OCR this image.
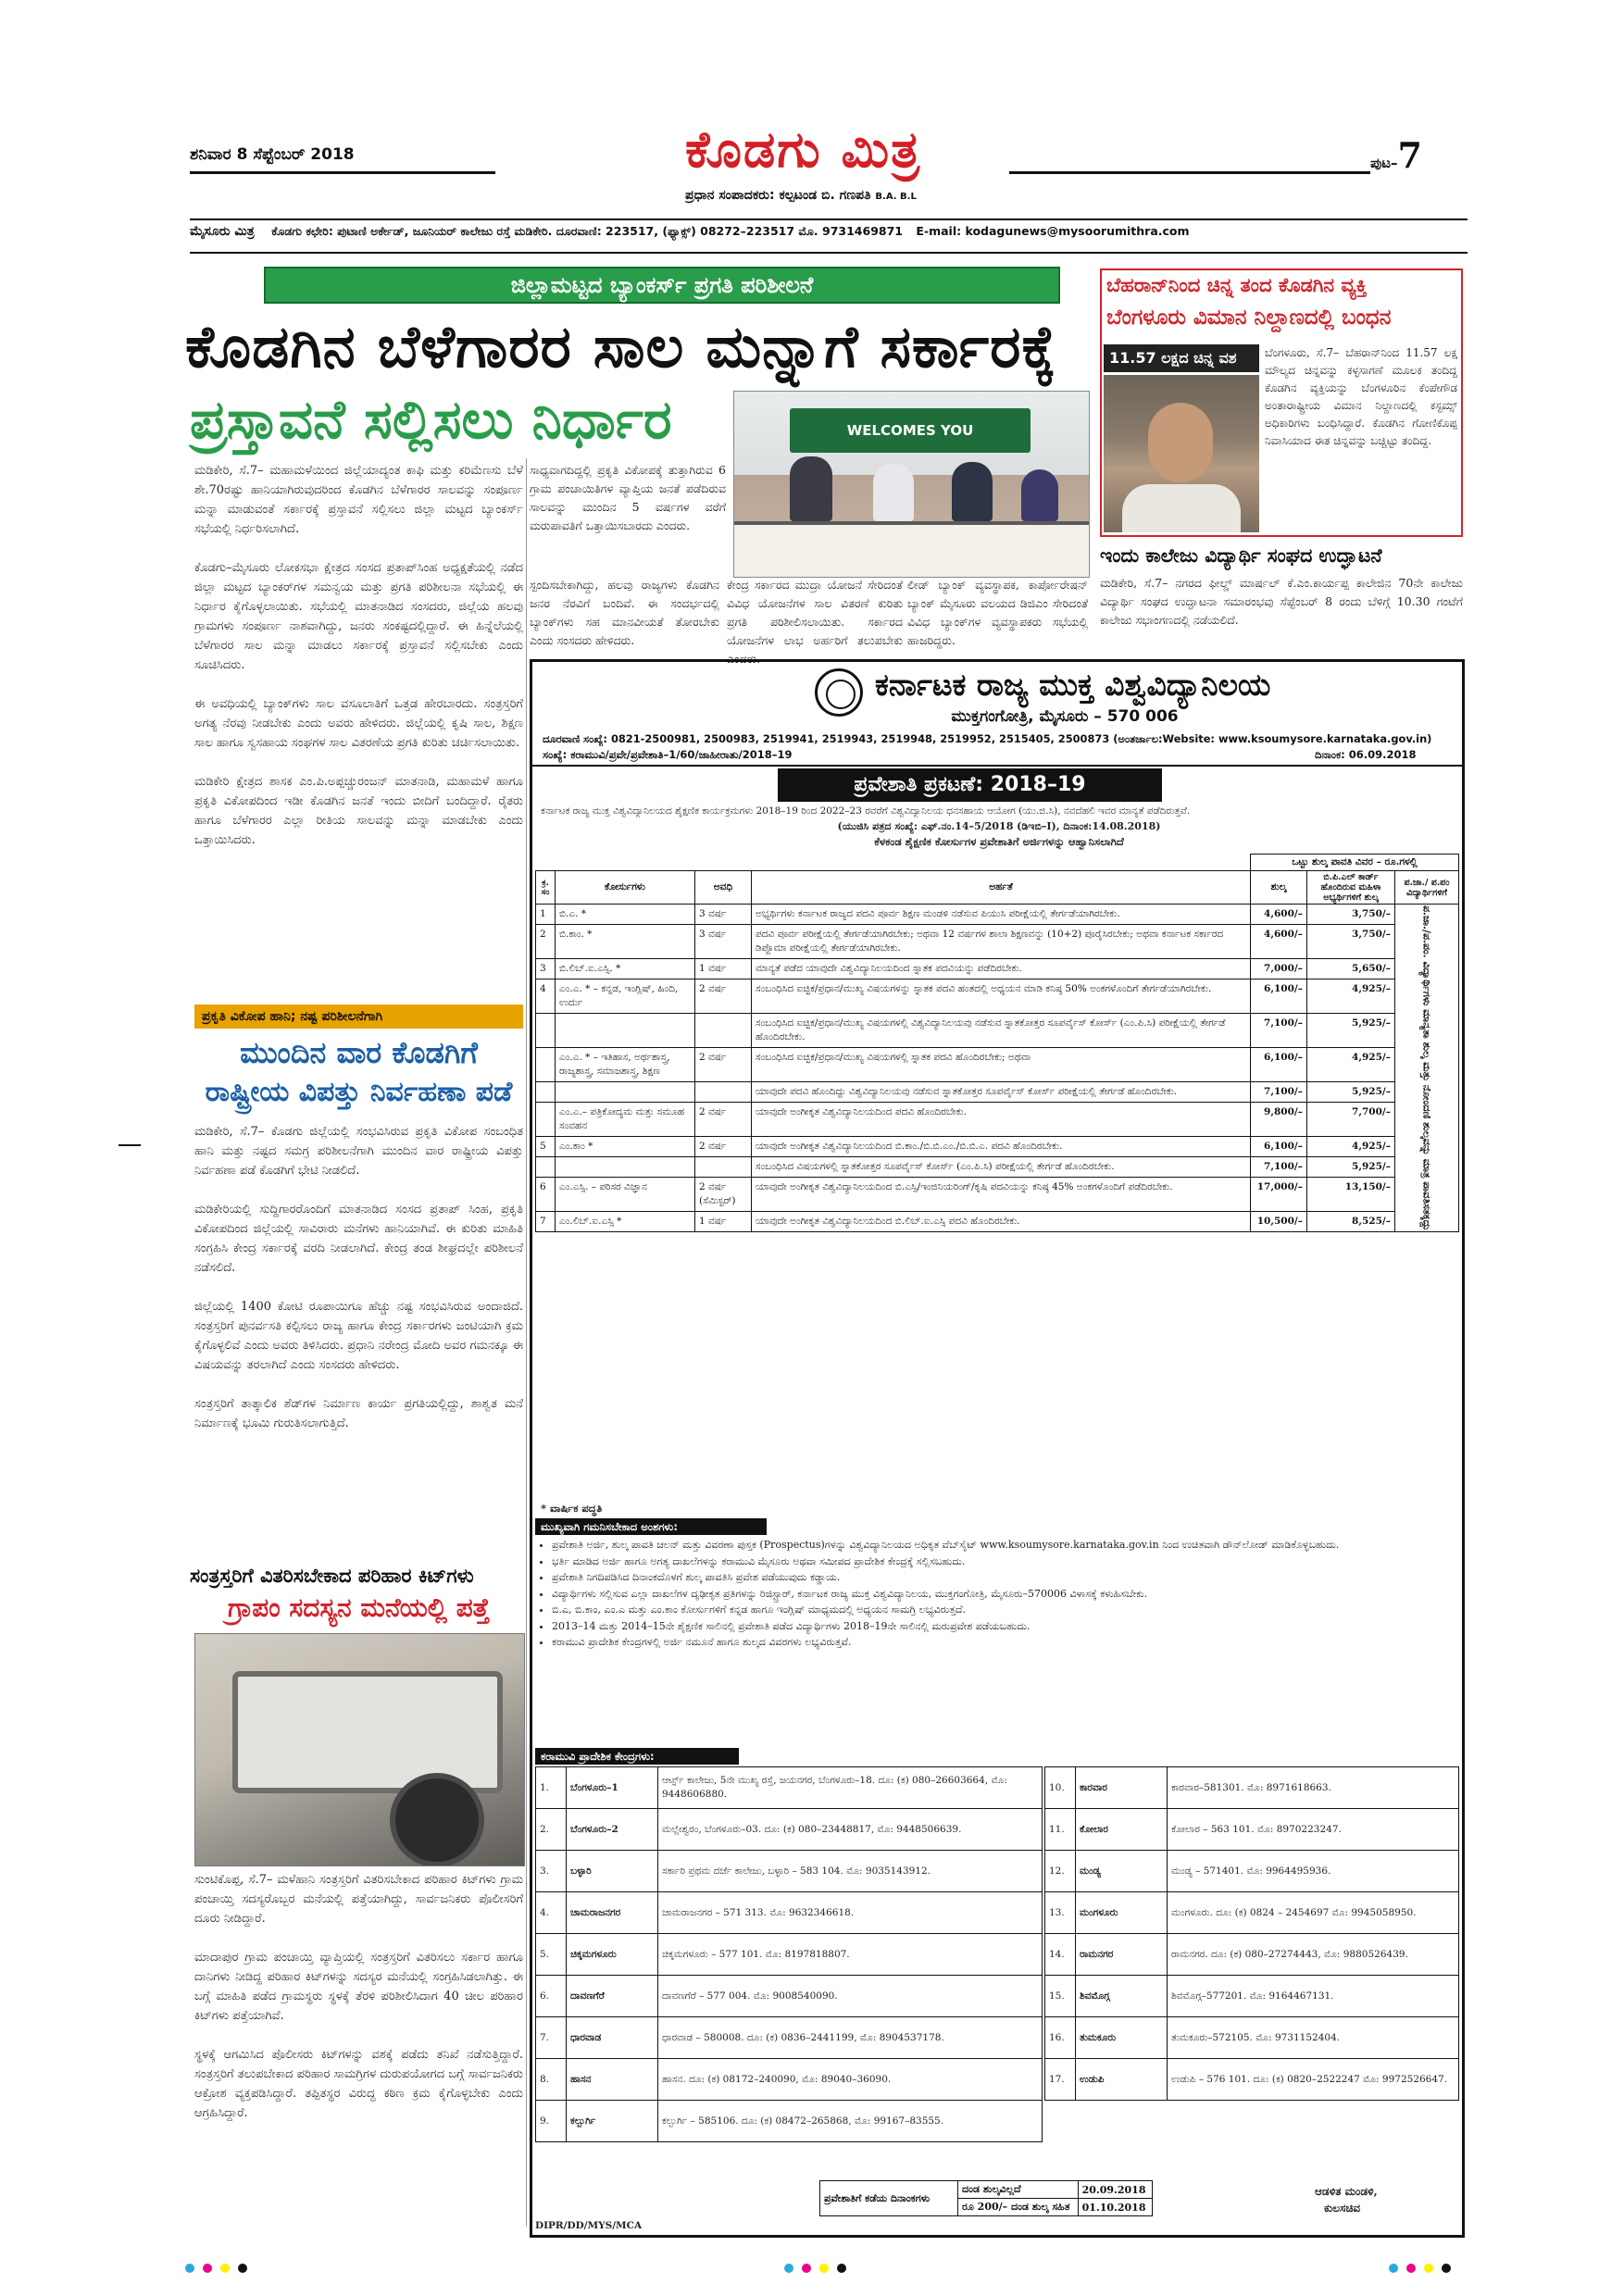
ಶನಿವಾರ 8 ಸೆಪ್ಟೆಂಬರ್ 2018	ಕೊಡಗು ಮಿತ್ರ
ಪ್ರಧಾನ ಸಂಪಾದಕರು: ಕಲ್ಪಟಂಡ ಬಿ. ಗಣಪತಿ B.A. B.L
ಪುಟ–7
ಮೈಸೂರು ಮಿತ್ರ ಕೊಡಗು ಕಛೇರಿ: ಪುಟಾಣಿ ಅರ್ಕೇಡ್, ಜೂನಿಯರ್ ಕಾಲೇಜು ರಸ್ತೆ ಮಡಿಕೇರಿ. ದೂರವಾಣಿ: 223517, (ಫ್ಯಾಕ್ಸ್) 08272–223517 ಮೊ. 9731469871 E-mail: kodagunews@mysoorumithra.com
ಜಿಲ್ಲಾಮಟ್ಟದ ಬ್ಯಾಂಕರ್ಸ್ ಪ್ರಗತಿ ಪರಿಶೀಲನೆ
ಕೊಡಗಿನ ಬೆಳೆಗಾರರ ಸಾಲ ಮನ್ನಾಗೆ ಸರ್ಕಾರಕ್ಕೆ
ಪ್ರಸ್ತಾವನೆ ಸಲ್ಲಿಸಲು ನಿರ್ಧಾರ	WELCOMES YOU
ಮಡಿಕೇರಿ, ಸೆ.7– ಮಹಾಮಳೆಯಿಂದ ಜಿಲ್ಲೆಯಾದ್ಯಂತ ಕಾಫಿ ಮತ್ತು ಕರಿಮೆಣಸು ಬೆಳೆ ಶೇ.70ರಷ್ಟು ಹಾನಿಯಾಗಿರುವುದರಿಂದ ಕೊಡಗಿನ ಬೆಳೆಗಾರರ ಸಾಲವನ್ನು ಸಂಪೂರ್ಣ ಮನ್ನಾ ಮಾಡುವಂತೆ ಸರ್ಕಾರಕ್ಕೆ ಪ್ರಸ್ತಾವನೆ ಸಲ್ಲಿಸಲು ಜಿಲ್ಲಾ ಮಟ್ಟದ ಬ್ಯಾಂಕರ್ಸ್ ಸಭೆಯಲ್ಲಿ ನಿರ್ಧರಿಸಲಾಗಿದೆ.

ಕೊಡಗು–ಮೈಸೂರು ಲೋಕಸಭಾ ಕ್ಷೇತ್ರದ ಸಂಸದ ಪ್ರತಾಪ್‌ಸಿಂಹ ಅಧ್ಯಕ್ಷತೆಯಲ್ಲಿ ನಡೆದ ಜಿಲ್ಲಾ ಮಟ್ಟದ ಬ್ಯಾಂಕರ್‌ಗಳ ಸಮನ್ವಯ ಮತ್ತು ಪ್ರಗತಿ ಪರಿಶೀಲನಾ ಸಭೆಯಲ್ಲಿ ಈ ನಿರ್ಧಾರ ಕೈಗೊಳ್ಳಲಾಯಿತು. ಸಭೆಯಲ್ಲಿ ಮಾತನಾಡಿದ ಸಂಸದರು, ಜಿಲ್ಲೆಯ ಹಲವು ಗ್ರಾಮಗಳು ಸಂಪೂರ್ಣ ನಾಶವಾಗಿದ್ದು, ಜನರು ಸಂಕಷ್ಟದಲ್ಲಿದ್ದಾರೆ. ಈ ಹಿನ್ನೆಲೆಯಲ್ಲಿ ಬೆಳೆಗಾರರ ಸಾಲ ಮನ್ನಾ ಮಾಡಲು ಸರ್ಕಾರಕ್ಕೆ ಪ್ರಸ್ತಾವನೆ ಸಲ್ಲಿಸಬೇಕು ಎಂದು ಸೂಚಿಸಿದರು.

ಈ ಅವಧಿಯಲ್ಲಿ ಬ್ಯಾಂಕ್‌ಗಳು ಸಾಲ ವಸೂಲಾತಿಗೆ ಒತ್ತಡ ಹೇರಬಾರದು. ಸಂತ್ರಸ್ತರಿಗೆ ಅಗತ್ಯ ನೆರವು ನೀಡಬೇಕು ಎಂದು ಅವರು ಹೇಳಿದರು. ಜಿಲ್ಲೆಯಲ್ಲಿ ಕೃಷಿ ಸಾಲ, ಶಿಕ್ಷಣ ಸಾಲ ಹಾಗೂ ಸ್ವಸಹಾಯ ಸಂಘಗಳ ಸಾಲ ವಿತರಣೆಯ ಪ್ರಗತಿ ಕುರಿತು ಚರ್ಚಿಸಲಾಯಿತು.

ಮಡಿಕೇರಿ ಕ್ಷೇತ್ರದ ಶಾಸಕ ಎಂ.ಪಿ.ಅಪ್ಪಚ್ಚುರಂಜನ್ ಮಾತನಾಡಿ, ಮಹಾಮಳೆ ಹಾಗೂ ಪ್ರಕೃತಿ ವಿಕೋಪದಿಂದ ಇಡೀ ಕೊಡಗಿನ ಜನತೆ ಇಂದು ಬೀದಿಗೆ ಬಂದಿದ್ದಾರೆ. ರೈತರು ಹಾಗೂ ಬೆಳೆಗಾರರ ಎಲ್ಲಾ ರೀತಿಯ ಸಾಲವನ್ನು ಮನ್ನಾ ಮಾಡಬೇಕು ಎಂದು ಒತ್ತಾಯಿಸಿದರು.
ಪ್ರಕೃತಿ ವಿಕೋಪ ಹಾನಿ; ನಷ್ಟ ಪರಿಶೀಲನೆಗಾಗಿ
ಮುಂದಿನ ವಾರ ಕೊಡಗಿಗೆ
ರಾಷ್ಟ್ರೀಯ ವಿಪತ್ತು ನಿರ್ವಹಣಾ ಪಡೆ
ಮಡಿಕೇರಿ, ಸೆ.7– ಕೊಡಗು ಜಿಲ್ಲೆಯಲ್ಲಿ ಸಂಭವಿಸಿರುವ ಪ್ರಕೃತಿ ವಿಕೋಪ ಸಂಬಂಧಿತ ಹಾನಿ ಮತ್ತು ನಷ್ಟದ ಸಮಗ್ರ ಪರಿಶೀಲನೆಗಾಗಿ ಮುಂದಿನ ವಾರ ರಾಷ್ಟ್ರೀಯ ವಿಪತ್ತು ನಿರ್ವಹಣಾ ಪಡೆ ಕೊಡಗಿಗೆ ಭೇಟಿ ನೀಡಲಿದೆ.

ಮಡಿಕೇರಿಯಲ್ಲಿ ಸುದ್ದಿಗಾರರೊಂದಿಗೆ ಮಾತನಾಡಿದ ಸಂಸದ ಪ್ರತಾಪ್ ಸಿಂಹ, ಪ್ರಕೃತಿ ವಿಕೋಪದಿಂದ ಜಿಲ್ಲೆಯಲ್ಲಿ ಸಾವಿರಾರು ಮನೆಗಳು ಹಾನಿಯಾಗಿವೆ. ಈ ಕುರಿತು ಮಾಹಿತಿ ಸಂಗ್ರಹಿಸಿ ಕೇಂದ್ರ ಸರ್ಕಾರಕ್ಕೆ ವರದಿ ನೀಡಲಾಗಿದೆ. ಕೇಂದ್ರ ತಂಡ ಶೀಘ್ರದಲ್ಲೇ ಪರಿಶೀಲನೆ ನಡೆಸಲಿದೆ.

ಜಿಲ್ಲೆಯಲ್ಲಿ 1400 ಕೋಟಿ ರೂಪಾಯಿಗೂ ಹೆಚ್ಚು ನಷ್ಟ ಸಂಭವಿಸಿರುವ ಅಂದಾಜಿದೆ. ಸಂತ್ರಸ್ತರಿಗೆ ಪುನರ್ವಸತಿ ಕಲ್ಪಿಸಲು ರಾಜ್ಯ ಹಾಗೂ ಕೇಂದ್ರ ಸರ್ಕಾರಗಳು ಜಂಟಿಯಾಗಿ ಕ್ರಮ ಕೈಗೊಳ್ಳಲಿವೆ ಎಂದು ಅವರು ತಿಳಿಸಿದರು. ಪ್ರಧಾನಿ ನರೇಂದ್ರ ಮೋದಿ ಅವರ ಗಮನಕ್ಕೂ ಈ ವಿಷಯವನ್ನು ತರಲಾಗಿದೆ ಎಂದು ಸಂಸದರು ಹೇಳಿದರು.

ಸಂತ್ರಸ್ತರಿಗೆ ತಾತ್ಕಾಲಿಕ ಶೆಡ್‌ಗಳ ನಿರ್ಮಾಣ ಕಾರ್ಯ ಪ್ರಗತಿಯಲ್ಲಿದ್ದು, ಶಾಶ್ವತ ಮನೆ ನಿರ್ಮಾಣಕ್ಕೆ ಭೂಮಿ ಗುರುತಿಸಲಾಗುತ್ತಿದೆ.
ಸಂತ್ರಸ್ತರಿಗೆ ವಿತರಿಸಬೇಕಾದ ಪರಿಹಾರ ಕಿಟ್‌ಗಳು
ಗ್ರಾಪಂ ಸದಸ್ಯನ ಮನೆಯಲ್ಲಿ ಪತ್ತೆ
ಸುಂಟಿಕೊಪ್ಪ, ಸೆ.7– ಮಳೆಹಾನಿ ಸಂತ್ರಸ್ತರಿಗೆ ವಿತರಿಸಬೇಕಾದ ಪರಿಹಾರ ಕಿಟ್‌ಗಳು ಗ್ರಾಮ ಪಂಚಾಯ್ತಿ ಸದಸ್ಯರೊಬ್ಬರ ಮನೆಯಲ್ಲಿ ಪತ್ತೆಯಾಗಿದ್ದು, ಸಾರ್ವಜನಿಕರು ಪೊಲೀಸರಿಗೆ ದೂರು ನೀಡಿದ್ದಾರೆ.

ಮಾದಾಪುರ ಗ್ರಾಮ ಪಂಚಾಯ್ತಿ ವ್ಯಾಪ್ತಿಯಲ್ಲಿ ಸಂತ್ರಸ್ತರಿಗೆ ವಿತರಿಸಲು ಸರ್ಕಾರ ಹಾಗೂ ದಾನಿಗಳು ನೀಡಿದ್ದ ಪರಿಹಾರ ಕಿಟ್‌ಗಳನ್ನು ಸದಸ್ಯರ ಮನೆಯಲ್ಲಿ ಸಂಗ್ರಹಿಸಿಡಲಾಗಿತ್ತು. ಈ ಬಗ್ಗೆ ಮಾಹಿತಿ ಪಡೆದ ಗ್ರಾಮಸ್ಥರು ಸ್ಥಳಕ್ಕೆ ತೆರಳಿ ಪರಿಶೀಲಿಸಿದಾಗ 40 ಚೀಲ ಪರಿಹಾರ ಕಿಟ್‌ಗಳು ಪತ್ತೆಯಾಗಿವೆ.

ಸ್ಥಳಕ್ಕೆ ಆಗಮಿಸಿದ ಪೊಲೀಸರು ಕಿಟ್‌ಗಳನ್ನು ವಶಕ್ಕೆ ಪಡೆದು ತನಿಖೆ ನಡೆಸುತ್ತಿದ್ದಾರೆ. ಸಂತ್ರಸ್ತರಿಗೆ ತಲುಪಬೇಕಾದ ಪರಿಹಾರ ಸಾಮಗ್ರಿಗಳ ದುರುಪಯೋಗದ ಬಗ್ಗೆ ಸಾರ್ವಜನಿಕರು ಆಕ್ರೋಶ ವ್ಯಕ್ತಪಡಿಸಿದ್ದಾರೆ. ತಪ್ಪಿತಸ್ಥರ ವಿರುದ್ಧ ಕಠಿಣ ಕ್ರಮ ಕೈಗೊಳ್ಳಬೇಕು ಎಂದು ಆಗ್ರಹಿಸಿದ್ದಾರೆ.
ಸಾಧ್ಯವಾಗದಿದ್ದಲ್ಲಿ ಪ್ರಕೃತಿ ವಿಕೋಪಕ್ಕೆ ತುತ್ತಾಗಿರುವ 6 ಗ್ರಾಮ ಪಂಚಾಯಿತಿಗಳ ವ್ಯಾಪ್ತಿಯ ಜನತೆ ಪಡೆದಿರುವ ಸಾಲವನ್ನು ಮುಂದಿನ 5 ವರ್ಷಗಳ ವರೆಗೆ ಮರುಪಾವತಿಗೆ ಒತ್ತಾಯಿಸಬಾರದು ಎಂದರು.
ಸ್ಪಂದಿಸಬೇಕಾಗಿದ್ದು, ಹಲವು ರಾಜ್ಯಗಳು ಕೊಡಗಿನ ಜನರ ನೆರವಿಗೆ ಬಂದಿವೆ. ಈ ಸಂದರ್ಭದಲ್ಲಿ ಬ್ಯಾಂಕ್‌ಗಳು ಸಹ ಮಾನವೀಯತೆ ತೋರಬೇಕು ಎಂದು ಸಂಸದರು ಹೇಳಿದರು.
ಕೇಂದ್ರ ಸರ್ಕಾರದ ಮುದ್ರಾ ಯೋಜನೆ ಸೇರಿದಂತೆ ವಿವಿಧ ಯೋಜನೆಗಳ ಸಾಲ ವಿತರಣೆ ಕುರಿತು ಪ್ರಗತಿ ಪರಿಶೀಲಿಸಲಾಯಿತು. ಸರ್ಕಾರದ ಯೋಜನೆಗಳ ಲಾಭ ಅರ್ಹರಿಗೆ ತಲುಪಬೇಕು ಎಂದರು.
ಲೀಡ್ ಬ್ಯಾಂಕ್ ವ್ಯವಸ್ಥಾಪಕ, ಕಾರ್ಪೋರೇಷನ್ ಬ್ಯಾಂಕ್ ಮೈಸೂರು ವಲಯದ ಡಿಜಿಎಂ ಸೇರಿದಂತೆ ವಿವಿಧ ಬ್ಯಾಂಕ್‌ಗಳ ವ್ಯವಸ್ಥಾಪಕರು ಸಭೆಯಲ್ಲಿ ಹಾಜರಿದ್ದರು.
ಬೆಹರಾನ್‌ನಿಂದ ಚಿನ್ನ ತಂದ ಕೊಡಗಿನ ವ್ಯಕ್ತಿ
ಬೆಂಗಳೂರು ವಿಮಾನ ನಿಲ್ದಾಣದಲ್ಲಿ ಬಂಧನ
11.57 ಲಕ್ಷದ ಚಿನ್ನ ವಶ	ಬೆಂಗಳೂರು, ಸೆ.7– ಬೆಹರಾನ್‌ನಿಂದ 11.57 ಲಕ್ಷ ಮೌಲ್ಯದ ಚಿನ್ನವನ್ನು ಕಳ್ಳಸಾಗಣೆ ಮೂಲಕ ತಂದಿದ್ದ ಕೊಡಗಿನ ವ್ಯಕ್ತಿಯನ್ನು ಬೆಂಗಳೂರಿನ ಕೆಂಪೇಗೌಡ ಅಂತಾರಾಷ್ಟ್ರೀಯ ವಿಮಾನ ನಿಲ್ದಾಣದಲ್ಲಿ ಕಸ್ಟಮ್ಸ್ ಅಧಿಕಾರಿಗಳು ಬಂಧಿಸಿದ್ದಾರೆ. ಕೊಡಗಿನ ಗೋಣಿಕೊಪ್ಪ ನಿವಾಸಿಯಾದ ಈತ ಚಿನ್ನವನ್ನು ಬಚ್ಚಿಟ್ಟು ತಂದಿದ್ದ.
ಇಂದು ಕಾಲೇಜು ವಿದ್ಯಾರ್ಥಿ ಸಂಘದ ಉದ್ಘಾಟನೆ
ಮಡಿಕೇರಿ, ಸೆ.7– ನಗರದ ಫೀಲ್ಡ್ ಮಾರ್ಷಲ್ ಕೆ.ಎಂ.ಕಾರ್ಯಪ್ಪ ಕಾಲೇಜಿನ 70ನೇ ಕಾಲೇಜು ವಿದ್ಯಾರ್ಥಿ ಸಂಘದ ಉದ್ಘಾಟನಾ ಸಮಾರಂಭವು ಸೆಪ್ಟೆಂಬರ್ 8 ರಂದು ಬೆಳಿಗ್ಗೆ 10.30 ಗಂಟೆಗೆ ಕಾಲೇಜು ಸಭಾಂಗಣದಲ್ಲಿ ನಡೆಯಲಿದೆ.
ಕರ್ನಾಟಕ ರಾಜ್ಯ ಮುಕ್ತ ವಿಶ್ವವಿದ್ಯಾನಿಲಯ
ಮುಕ್ತಗಂಗೋತ್ರಿ, ಮೈಸೂರು – 570 006
ದೂರವಾಣಿ ಸಂಖ್ಯೆ: 0821-2500981, 2500983, 2519941, 2519943, 2519948, 2519952, 2515405, 2500873 (ಅಂತರ್ಜಾಲ:Website: www.ksoumysore.karnataka.gov.in)
ಸಂಖ್ಯೆ: ಕರಾಮುವಿ/ಪ್ರವೇ/ಪ್ರವೇಶಾತಿ–1/60/ಜಾಹೀರಾತು/2018–19	ದಿನಾಂಕ: 06.09.2018
ಪ್ರವೇಶಾತಿ ಪ್ರಕಟಣೆ: 2018–19
ಕರ್ನಾಟಕ ರಾಜ್ಯ ಮುಕ್ತ ವಿಶ್ವವಿದ್ಯಾನಿಲಯದ ಶೈಕ್ಷಣಿಕ ಕಾರ್ಯಕ್ರಮಗಳು 2018–19 ರಿಂದ 2022–23 ರವರೆಗೆ ವಿಶ್ವವಿದ್ಯಾನಿಲಯ ಧನಸಹಾಯ ಆಯೋಗ (ಯು.ಜಿ.ಸಿ), ನವದೆಹಲಿ ಇವರ ಮಾನ್ಯತೆ ಪಡೆದಿರುತ್ತವೆ.
(ಯುಜಿಸಿ ಪತ್ರದ ಸಂಖ್ಯೆ: ಎಫ್.ನಂ.14–5/2018 (ಡಿಇಬಿ–I), ದಿನಾಂಕ:14.08.2018)
ಕೆಳಕಂಡ ಶೈಕ್ಷಣಿಕ ಕೋರ್ಸುಗಳ ಪ್ರವೇಶಾತಿಗೆ ಅರ್ಜಿಗಳನ್ನು ಆಹ್ವಾನಿಸಲಾಗಿದೆ
				ಒಟ್ಟು ಶುಲ್ಕ ಪಾವತಿ ವಿವರ – ರೂ.ಗಳಲ್ಲಿ		
ಕ್ರ. ಸಂ	ಕೋರ್ಸುಗಳು	ಅವಧಿ	ಅರ್ಹತೆ	ಶುಲ್ಕ	ಬಿ.ಪಿ.ಎಲ್ ಕಾರ್ಡ್ ಹೊಂದಿರುವ ಮಹಿಳಾ ಅಭ್ಯರ್ಥಿಗಳಿಗೆ ಶುಲ್ಕ	ಪ.ಜಾ./ ಪ.ಪಂ ವಿದ್ಯಾರ್ಥಿಗಳಿಗೆ
1	ಬಿ.ಎ. *	3 ವರ್ಷ	ಅಭ್ಯರ್ಥಿಗಳು ಕರ್ನಾಟಕ ರಾಜ್ಯದ ಪದವಿ ಪೂರ್ವ ಶಿಕ್ಷಣ ಮಂಡಳಿ ನಡೆಸುವ ಪಿಯುಸಿ ಪರೀಕ್ಷೆಯಲ್ಲಿ ತೇರ್ಗಡೆಯಾಗಿರಬೇಕು.	4,600/–	3,750/–	ಪ.ಜಾ./ಪ.ಪಂ. ವಿದ್ಯಾರ್ಥಿಗಳು ಮಾನ್ಯತಾ ಶುಲ್ಕ ಮತ್ತು ನೋಂದಣಿ ಶುಲ್ಕವನ್ನು ಮಾತ್ರ ಪಾವತಿಸತಕ್ಕದ್ದು
2	ಬಿ.ಕಾಂ. *	3 ವರ್ಷ	ಪದವಿ ಪೂರ್ವ ಪರೀಕ್ಷೆಯಲ್ಲಿ ತೇರ್ಗಡೆಯಾಗಿರಬೇಕು; ಅಥವಾ 12 ವರ್ಷಗಳ ಶಾಲಾ ಶಿಕ್ಷಣವನ್ನು (10+2) ಪೂರೈಸಿರಬೇಕು; ಅಥವಾ ಕರ್ನಾಟಕ ಸರ್ಕಾರದ ಡಿಪ್ಲೊಮಾ ಪರೀಕ್ಷೆಯಲ್ಲಿ ತೇರ್ಗಡೆಯಾಗಿರಬೇಕು.	4,600/–	3,750/–	
3	ಬಿ.ಲಿಬ್.ಐ.ಎಸ್ಸಿ. *	1 ವರ್ಷ	ಮಾನ್ಯತೆ ಪಡೆದ ಯಾವುದೇ ವಿಶ್ವವಿದ್ಯಾನಿಲಯದಿಂದ ಸ್ನಾತಕ ಪದವಿಯನ್ನು ಪಡೆದಿರಬೇಕು.	7,000/–	5,650/–	
4	ಎಂ.ಎ. * – ಕನ್ನಡ, ಇಂಗ್ಲಿಷ್, ಹಿಂದಿ, ಉರ್ದು	2 ವರ್ಷ	ಸಂಬಂಧಿಸಿದ ಐಚ್ಛಿಕ/ಪ್ರಧಾನ/ಮುಖ್ಯ ವಿಷಯಗಳನ್ನು ಸ್ನಾತಕ ಪದವಿ ಹಂತದಲ್ಲಿ ಅಧ್ಯಯನ ಮಾಡಿ ಕನಿಷ್ಠ 50% ಅಂಕಗಳೊಂದಿಗೆ ತೇರ್ಗಡೆಯಾಗಿರಬೇಕು.	6,100/–	4,925/–	
			ಸಂಬಂಧಿಸಿದ ಐಚ್ಛಿಕ/ಪ್ರಧಾನ/ಮುಖ್ಯ ವಿಷಯಗಳಲ್ಲಿ ವಿಶ್ವವಿದ್ಯಾನಿಲಯವು ನಡೆಸುವ ಸ್ನಾತಕೋತ್ತರ ಸೂಪರ್ವೈಸ್ ಕೋರ್ಸ್ (ಎಂ.ಪಿ.ಸಿ) ಪರೀಕ್ಷೆಯಲ್ಲಿ ತೇರ್ಗಡೆ ಹೊಂದಿರಬೇಕು.	7,100/–	5,925/–	
	ಎಂ.ಎ. * – ಇತಿಹಾಸ, ಅರ್ಥಶಾಸ್ತ್ರ, ರಾಜ್ಯಶಾಸ್ತ್ರ, ಸಮಾಜಶಾಸ್ತ್ರ, ಶಿಕ್ಷಣ	2 ವರ್ಷ	ಸಂಬಂಧಿಸಿದ ಐಚ್ಛಿಕ/ಪ್ರಧಾನ/ಮುಖ್ಯ ವಿಷಯಗಳಲ್ಲಿ ಸ್ನಾತಕ ಪದವಿ ಹೊಂದಿರಬೇಕು; ಅಥವಾ	6,100/–	4,925/–	
			ಯಾವುದೇ ಪದವಿ ಹೊಂದಿದ್ದು ವಿಶ್ವವಿದ್ಯಾನಿಲಯವು ನಡೆಸುವ ಸ್ನಾತಕೋತ್ತರ ಸೂಪರ್ವೈಸ್ ಕೋರ್ಸ್ ಪರೀಕ್ಷೆಯಲ್ಲಿ ತೇರ್ಗಡೆ ಹೊಂದಿರಬೇಕು.	7,100/–	5,925/–	
	ಎಂ.ಎ.– ಪತ್ರಿಕೋದ್ಯಮ ಮತ್ತು ಸಮೂಹ ಸಂವಹನ	2 ವರ್ಷ	ಯಾವುದೇ ಅಂಗೀಕೃತ ವಿಶ್ವವಿದ್ಯಾನಿಲಯದಿಂದ ಪದವಿ ಹೊಂದಿರಬೇಕು.	9,800/–	7,700/–	
5	ಎಂ.ಕಾಂ *	2 ವರ್ಷ	ಯಾವುದೇ ಅಂಗೀಕೃತ ವಿಶ್ವವಿದ್ಯಾನಿಲಯದಿಂದ ಬಿ.ಕಾಂ./ಬಿ.ಬಿ.ಎಂ./ಬಿ.ಬಿ.ಎ. ಪದವಿ ಹೊಂದಿರಬೇಕು.	6,100/–	4,925/–	
			ಸಂಬಂಧಿಸಿದ ವಿಷಯಗಳಲ್ಲಿ ಸ್ನಾತಕೋತ್ತರ ಸೂಪರ್ವೈಸ್ ಕೋರ್ಸ್ (ಎಂ.ಪಿ.ಸಿ) ಪರೀಕ್ಷೆಯಲ್ಲಿ ತೇರ್ಗಡೆ ಹೊಂದಿರಬೇಕು.	7,100/–	5,925/–	
6	ಎಂ.ಎಸ್ಸಿ. – ಪರಿಸರ ವಿಜ್ಞಾನ	2 ವರ್ಷ (ಸೆಮಿಸ್ಟರ್)	ಯಾವುದೇ ಅಂಗೀಕೃತ ವಿಶ್ವವಿದ್ಯಾನಿಲಯದಿಂದ ಬಿ.ಎಸ್ಸಿ/ಇಂಜಿನಿಯರಿಂಗ್/ಕೃಷಿ ಪದವಿಯನ್ನು ಕನಿಷ್ಠ 45% ಅಂಕಗಳೊಂದಿಗೆ ಪಡೆದಿರಬೇಕು.	17,000/–	13,150/–	
7	ಎಂ.ಲಿಬ್.ಐ.ಎಸ್ಸಿ *	1 ವರ್ಷ	ಯಾವುದೇ ಅಂಗೀಕೃತ ವಿಶ್ವವಿದ್ಯಾನಿಲಯದಿಂದ ಬಿ.ಲಿಬ್.ಐ.ಎಸ್ಸಿ ಪದವಿ ಹೊಂದಿರಬೇಕು.	10,500/–	8,525/–	
* ವಾರ್ಷಿಕ ಪದ್ಧತಿ
ಮುಖ್ಯವಾಗಿ ಗಮನಿಸಬೇಕಾದ ಅಂಶಗಳು:
• ಪ್ರವೇಶಾತಿ ಅರ್ಜಿ, ಶುಲ್ಕ ಪಾವತಿ ಚಲನ್ ಮತ್ತು ವಿವರಣಾ ಪುಸ್ತಕ (Prospectus)ಗಳನ್ನು ವಿಶ್ವವಿದ್ಯಾನಿಲಯದ ಅಧಿಕೃತ ವೆಬ್‌ಸೈಟ್ www.ksoumysore.karnataka.gov.in ನಿಂದ ಉಚಿತವಾಗಿ ಡೌನ್‌ಲೋಡ್ ಮಾಡಿಕೊಳ್ಳಬಹುದು.
• ಭರ್ತಿ ಮಾಡಿದ ಅರ್ಜಿ ಹಾಗೂ ಅಗತ್ಯ ದಾಖಲೆಗಳನ್ನು ಕರಾಮುವಿ ಮೈಸೂರು ಅಥವಾ ಸಮೀಪದ ಪ್ರಾದೇಶಿಕ ಕೇಂದ್ರಕ್ಕೆ ಸಲ್ಲಿಸಬಹುದು.
• ಪ್ರವೇಶಾತಿ ನಿಗದಿಪಡಿಸಿದ ದಿನಾಂಕದೊಳಗೆ ಶುಲ್ಕ ಪಾವತಿಸಿ ಪ್ರವೇಶ ಪಡೆಯುವುದು ಕಡ್ಡಾಯ.
• ವಿದ್ಯಾರ್ಥಿಗಳು ಸಲ್ಲಿಸುವ ಎಲ್ಲಾ ದಾಖಲೆಗಳ ದೃಢೀಕೃತ ಪ್ರತಿಗಳನ್ನು ರಿಜಿಸ್ಟ್ರಾರ್, ಕರ್ನಾಟಕ ರಾಜ್ಯ ಮುಕ್ತ ವಿಶ್ವವಿದ್ಯಾನಿಲಯ, ಮುಕ್ತಗಂಗೋತ್ರಿ, ಮೈಸೂರು–570006 ವಿಳಾಸಕ್ಕೆ ಕಳುಹಿಸಬೇಕು.
• ಬಿ.ಎ, ಬಿ.ಕಾಂ, ಎಂ.ಎ ಮತ್ತು ಎಂ.ಕಾಂ ಕೋರ್ಸುಗಳಿಗೆ ಕನ್ನಡ ಹಾಗೂ ಇಂಗ್ಲಿಷ್ ಮಾಧ್ಯಮದಲ್ಲಿ ಅಧ್ಯಯನ ಸಾಮಗ್ರಿ ಲಭ್ಯವಿರುತ್ತದೆ.
• 2013–14 ಮತ್ತು 2014–15ನೇ ಶೈಕ್ಷಣಿಕ ಸಾಲಿನಲ್ಲಿ ಪ್ರವೇಶಾತಿ ಪಡೆದ ವಿದ್ಯಾರ್ಥಿಗಳು 2018–19ನೇ ಸಾಲಿನಲ್ಲಿ ಮರುಪ್ರವೇಶ ಪಡೆಯಬಹುದು.
• ಕರಾಮುವಿ ಪ್ರಾದೇಶಿಕ ಕೇಂದ್ರಗಳಲ್ಲಿ ಅರ್ಜಿ ನಮೂನೆ ಹಾಗೂ ಶುಲ್ಕದ ವಿವರಗಳು ಲಭ್ಯವಿರುತ್ತವೆ.
ಕರಾಮುವಿ ಪ್ರಾದೇಶಿಕ ಕೇಂದ್ರಗಳು:
1.	ಬೆಂಗಳೂರು–1	ಆರ್ಟ್ಸ್ ಕಾಲೇಜು, 5ನೇ ಮುಖ್ಯ ರಸ್ತೆ, ಜಯನಗರ, ಬೆಂಗಳೂರು–18. ದೂ: (ಕ) 080–26603664, ಮೊ: 9448606880.
2.	ಬೆಂಗಳೂರು–2	ಮಲ್ಲೇಶ್ವರಂ, ಬೆಂಗಳೂರು–03. ದೂ: (ಕ) 080–23448817, ಮೊ: 9448506639.
3.	ಬಳ್ಳಾರಿ	ಸರ್ಕಾರಿ ಪ್ರಥಮ ದರ್ಜೆ ಕಾಲೇಜು, ಬಳ್ಳಾರಿ – 583 104. ಮೊ: 9035143912.
4.	ಚಾಮರಾಜನಗರ	ಚಾಮರಾಜನಗರ – 571 313. ಮೊ: 9632346618.
5.	ಚಿಕ್ಕಮಗಳೂರು	ಚಿಕ್ಕಮಗಳೂರು – 577 101. ಮೊ: 8197818807.
6.	ದಾವಣಗೆರೆ	ದಾವಣಗೆರೆ – 577 004. ಮೊ: 9008540090.
7.	ಧಾರವಾಡ	ಧಾರವಾಡ – 580008. ದೂ: (ಕ) 0836–2441199, ಮೊ: 8904537178.
8.	ಹಾಸನ	ಹಾಸನ. ದೂ: (ಕ) 08172–240090, ಮೊ: 89040–36090.
9.	ಕಲ್ಬುರ್ಗಿ	ಕಲ್ಬುರ್ಗಿ – 585106. ದೂ: (ಕ) 08472–265868, ಮೊ: 99167–83555.
10.	ಕಾರವಾರ	ಕಾರವಾರ–581301. ಮೊ: 8971618663.
11.	ಕೋಲಾರ	ಕೋಲಾರ – 563 101. ಮೊ: 8970223247.
12.	ಮಂಡ್ಯ	ಮಂಡ್ಯ – 571401. ಮೊ: 9964495936.
13.	ಮಂಗಳೂರು	ಮಂಗಳೂರು. ದೂ: (ಕ) 0824 – 2454697 ಮೊ: 9945058950.
14.	ರಾಮನಗರ	ರಾಮನಗರ. ದೂ: (ಕ) 080–27274443, ಮೊ: 9880526439.
15.	ಶಿವಮೊಗ್ಗ	ಶಿವಮೊಗ್ಗ–577201. ಮೊ: 9164467131.
16.	ತುಮಕೂರು	ತುಮಕೂರು–572105. ಮೊ: 9731152404.
17.	ಉಡುಪಿ	ಉಡುಪಿ – 576 101. ದೂ: (ಕ) 0820–2522247 ಮೊ: 9972526647.
ಪ್ರವೇಶಾತಿಗೆ ಕಡೆಯ ದಿನಾಂಕಗಳು	ದಂಡ ಶುಲ್ಕವಿಲ್ಲದೆ	20.09.2018
	ರೂ 200/– ದಂಡ ಶುಲ್ಕ ಸಹಿತ	01.10.2018
ಆಡಳಿತ ಮಂಡಳಿ,
ಕುಲಸಚಿವ
DIPR/DD/MYS/MCA
